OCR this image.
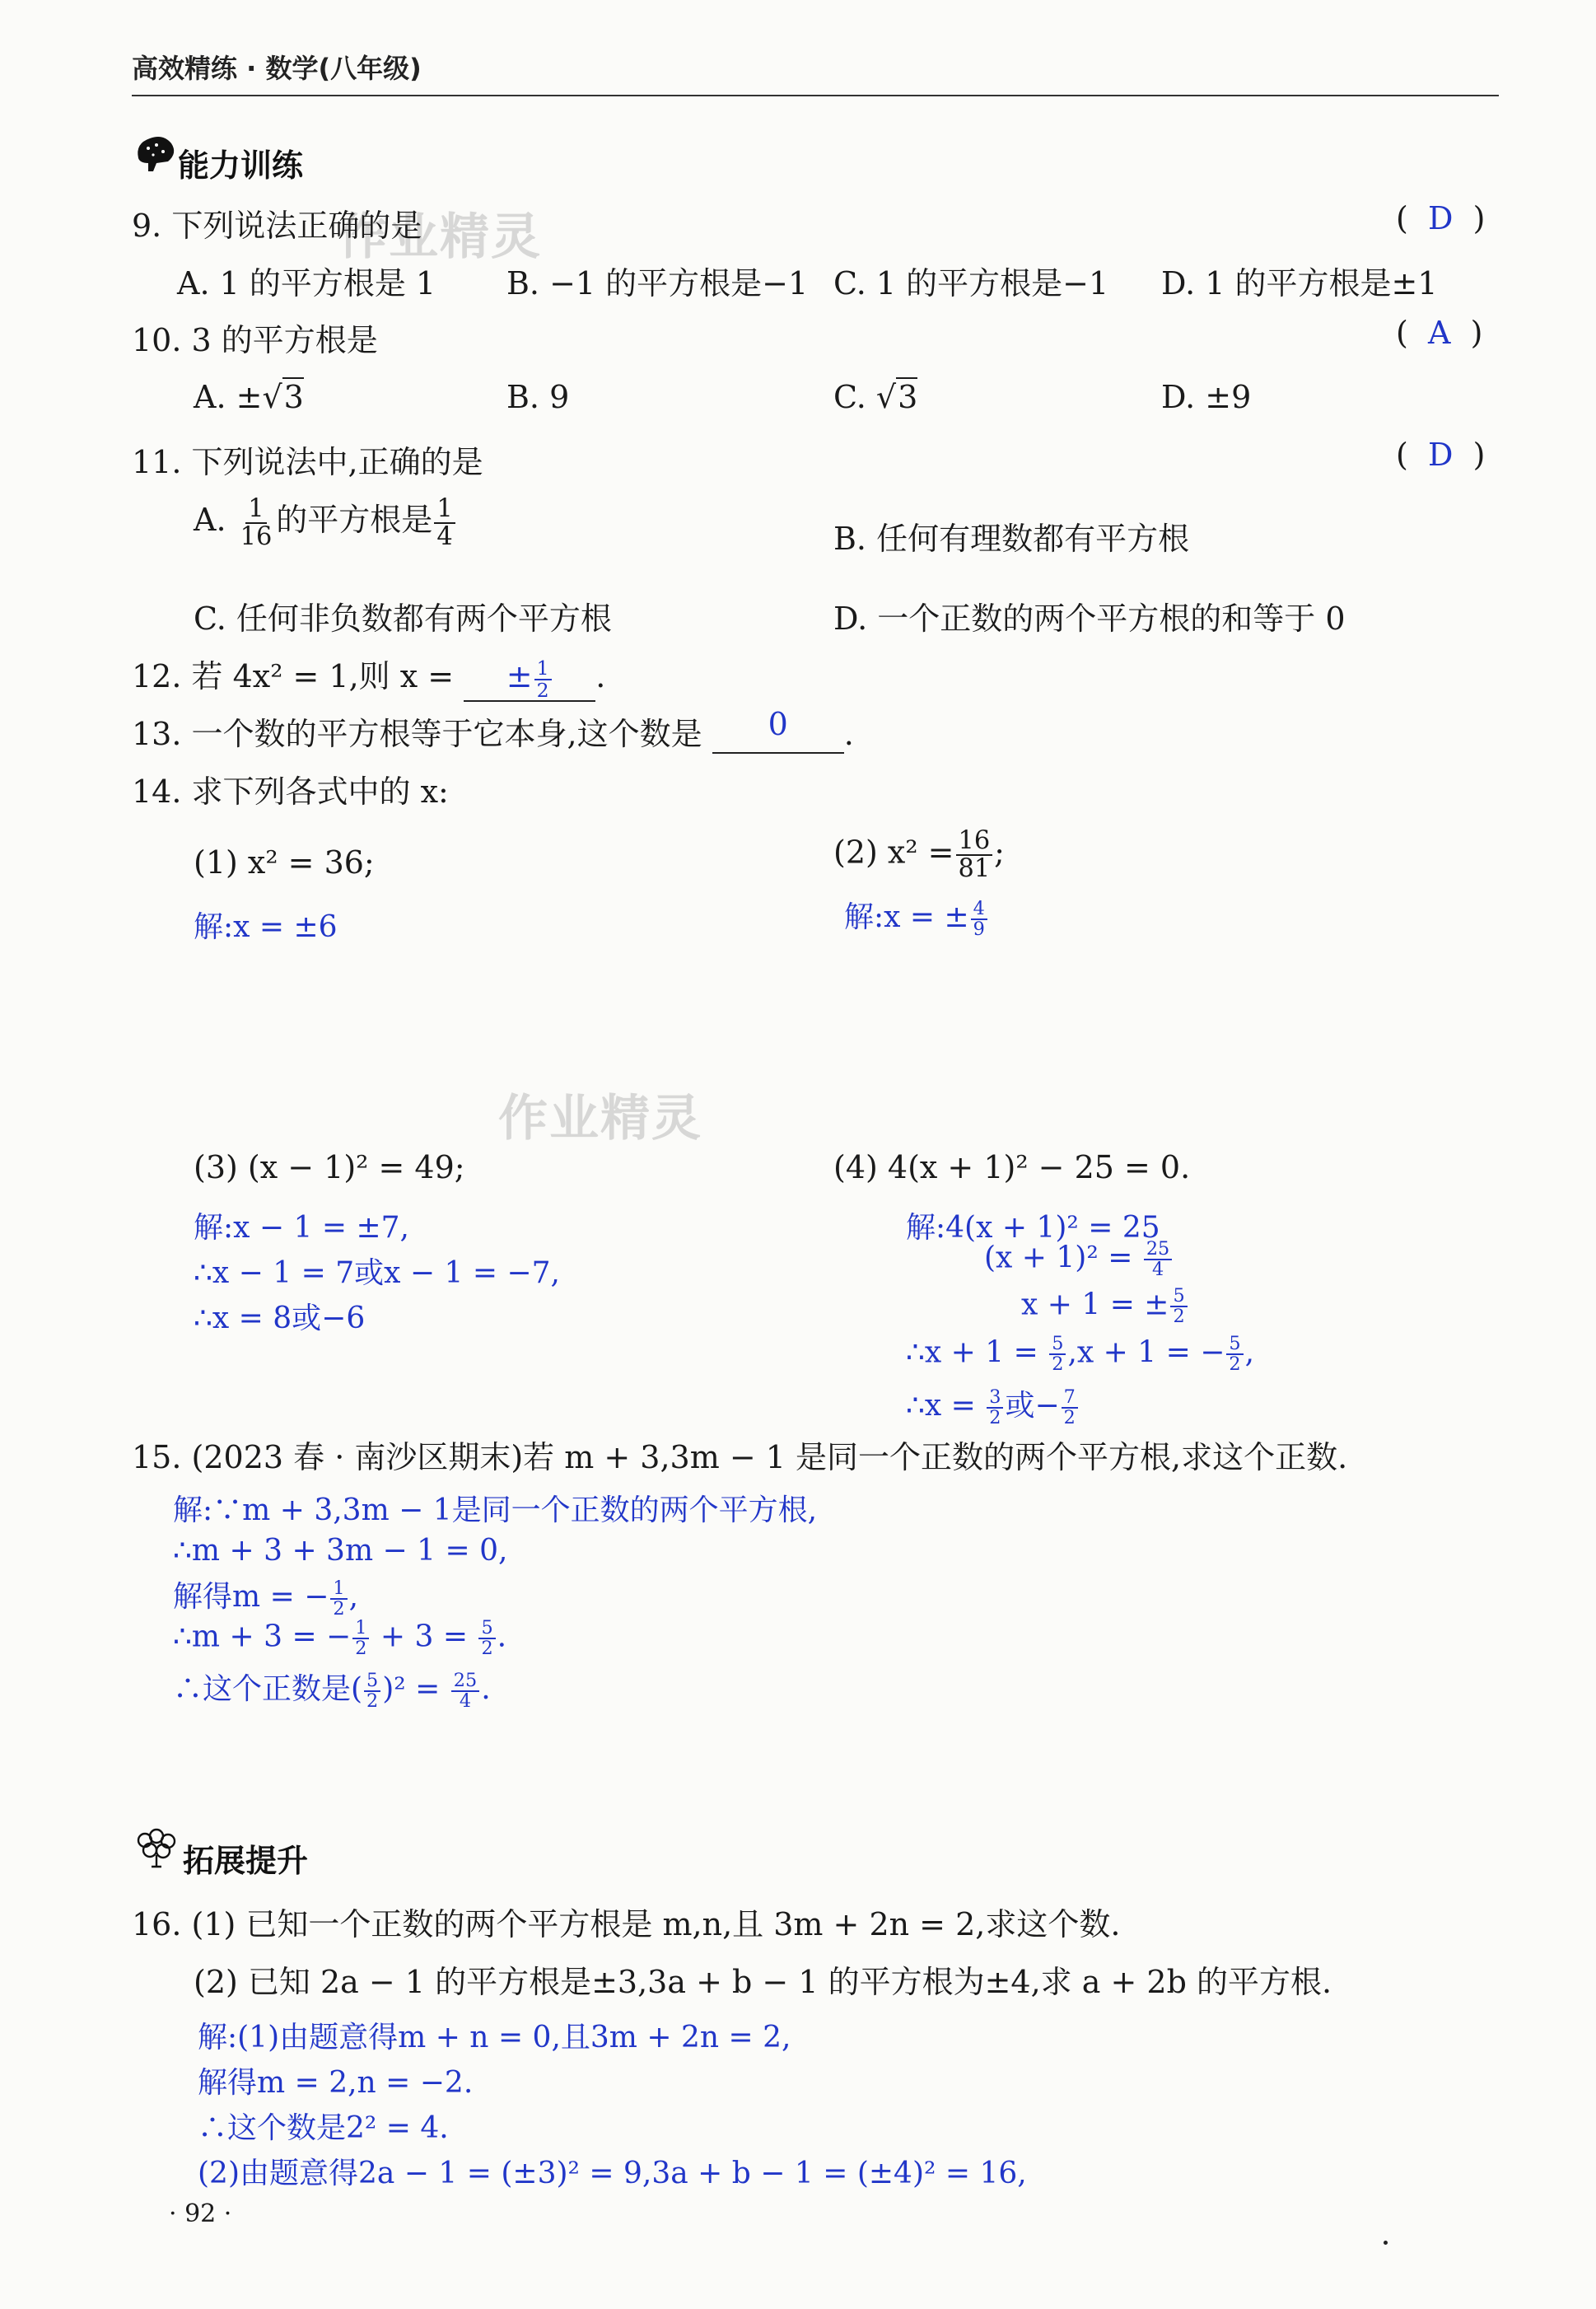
高效精练 · 数学(八年级)
作业精灵
作业精灵
能力训练
9. 下列说法正确的是	(  D  )
A. 1 的平方根是 1 B. −1 的平方根是−1 C. 1 的平方根是−1 D. 1 的平方根是±1
10. 3 的平方根是	(  A  )
A. ±√3	B. 9	C. √3	D. ±9
11. 下列说法中,正确的是	(  D  )
A. $\frac{1}{16}$ 的平方根是 $\frac{1}{4}$	B. 任何有理数都有平方根
C. 任何非负数都有两个平方根	D. 一个正数的两个平方根的和等于 0
12. 若 4x² = 1,则 x = ± $\frac{1}{2}$ .
13. 一个数的平方根等于它本身,这个数是 0 .
14. 求下列各式中的 x:
(1) x² = 36;
解:x = ±6
(2) $x^2 = \frac{16}{81}$ ;
解:x = ± $\frac{4}{9}$
(3) (x − 1)² = 49;
解:x − 1 = ±7,
∴x − 1 = 7或x − 1 = −7,
∴x = 8或−6
(4) 4(x + 1)² − 25 = 0.
解:4(x + 1)² = 25
$(x + 1)^2 = \frac{25}{4}$
x + 1 = ± $\frac{5}{2}$
∴x + $1 = \frac{5}{2} ,x + 1$ = − $\frac{5}{2}$ ,
∴x = $\frac{3}{2}$ 或− $\frac{7}{2}$
15. (2023 春 · 南沙区期末)若 m + 3,3m − 1 是同一个正数的两个平方根,求这个正数.
解:∵m + 3,3m − 1是同一个正数的两个平方根,
∴m + 3 + 3m − 1 = 0,
解得m = − $\frac{1}{2}$ ,
∴m + 3 = − $\frac{1}{2} + 3 = \frac{5}{2}$ .
∴这个正数是( $\frac{5}{2} )^2 = \frac{25}{4}$ .
拓展提升
16. (1) 已知一个正数的两个平方根是 m,n,且 3m + 2n = 2,求这个数.
(2) 已知 2a − 1 的平方根是±3,3a + b − 1 的平方根为±4,求 a + 2b 的平方根.
解:(1)由题意得m + n = 0,且3m + 2n = 2,
解得m = 2,n = −2.
∴这个数是2² = 4.
(2)由题意得2a − 1 = (±3)² = 9,3a + b − 1 = (±4)² = 16,
· 92 ·
